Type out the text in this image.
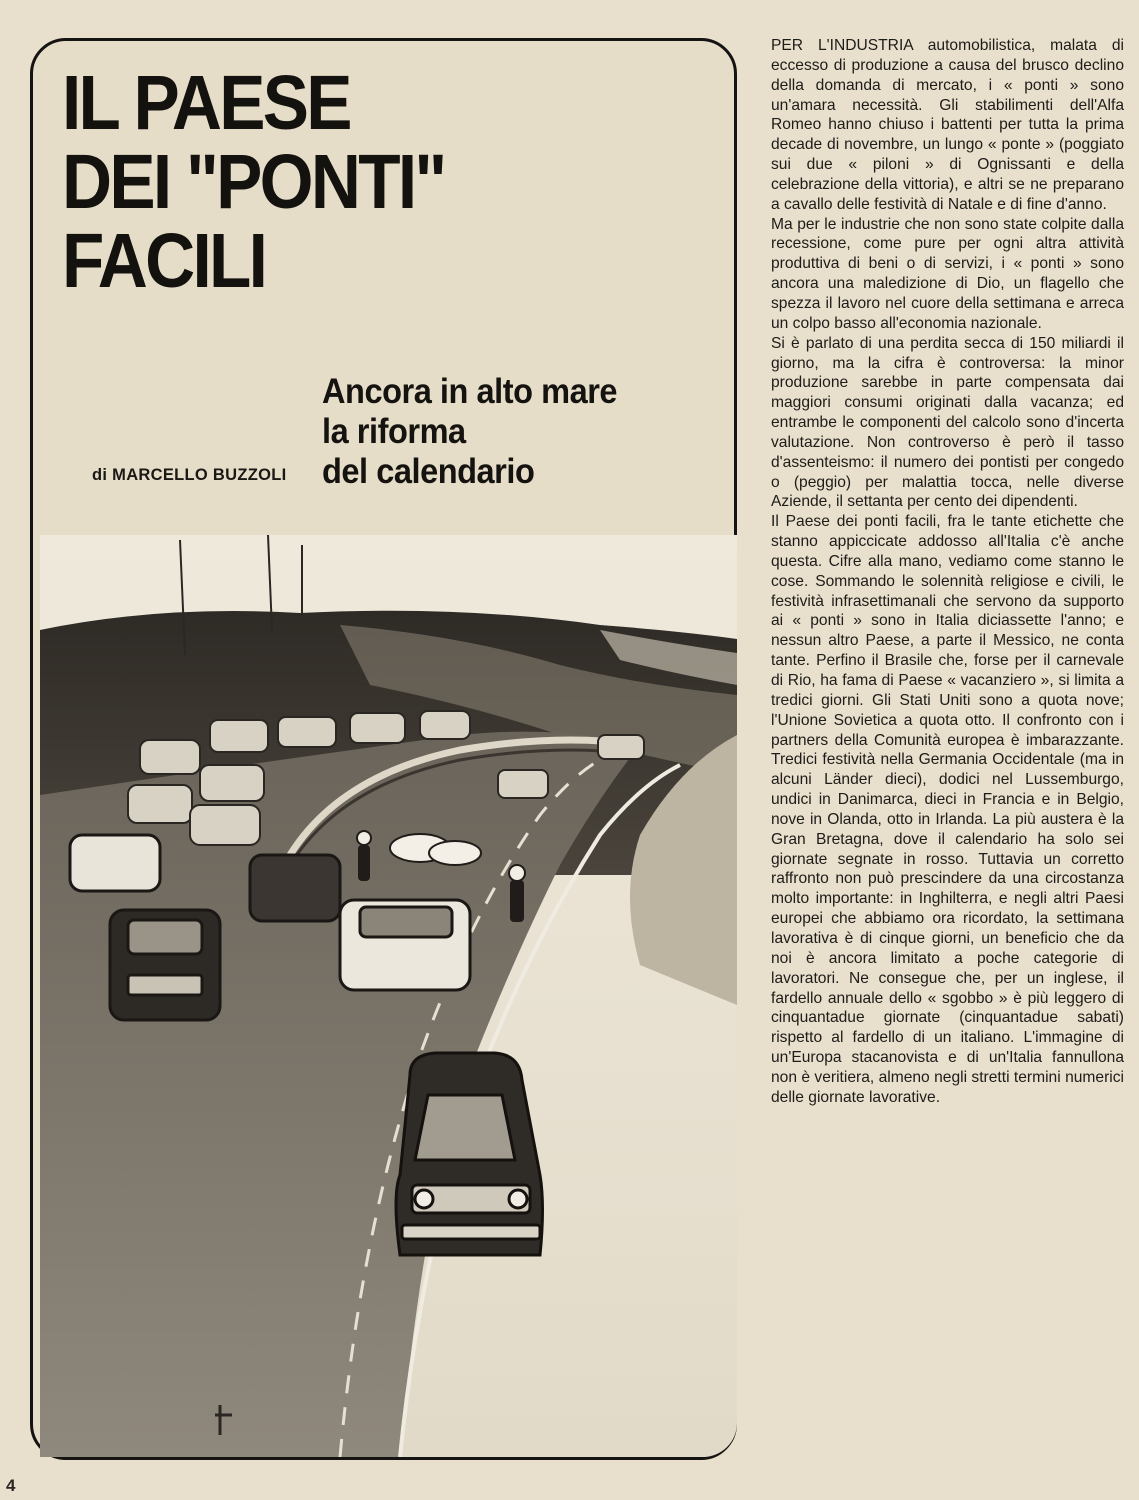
IL PAESE
DEI "PONTI"
FACILI
Ancora in alto mare
la riforma
del calendario
di MARCELLO BUZZOLI

PER L'INDUSTRIA automobilistica, malata di eccesso di produzione a causa del brusco declino della domanda di mercato, i « ponti » sono un'amara necessità. Gli stabilimenti dell'Alfa Romeo hanno chiuso i battenti per tutta la prima decade di novembre, un lungo « ponte » (poggiato sui due « piloni » di Ognissanti e della celebrazione della vittoria), e altri se ne preparano a cavallo delle festività di Natale e di fine d'anno.

Ma per le industrie che non sono state colpite dalla recessione, come pure per ogni altra attività produttiva di beni o di servizi, i « ponti » sono ancora una maledizione di Dio, un flagello che spezza il lavoro nel cuore della settimana e arreca un colpo basso all'economia nazionale.

Si è parlato di una perdita secca di 150 miliardi il giorno, ma la cifra è controversa: la minor produzione sarebbe in parte compensata dai maggiori consumi originati dalla vacanza; ed entrambe le componenti del calcolo sono d'incerta valutazione. Non controverso è però il tasso d'assenteismo: il numero dei pontisti per congedo o (peggio) per malattia tocca, nelle diverse Aziende, il settanta per cento dei dipendenti.

Il Paese dei ponti facili, fra le tante etichette che stanno appiccicate addosso all'Italia c'è anche questa. Cifre alla mano, vediamo come stanno le cose. Sommando le solennità religiose e civili, le festività infrasettimanali che servono da supporto ai « ponti » sono in Italia diciassette l'anno; e nessun altro Paese, a parte il Messico, ne conta tante. Perfino il Brasile che, forse per il carnevale di Rio, ha fama di Paese « vacanziero », si limita a tredici giorni. Gli Stati Uniti sono a quota nove; l'Unione Sovietica a quota otto. Il confronto con i partners della Comunità europea è imbarazzante. Tredici festività nella Germania Occidentale (ma in alcuni Länder dieci), dodici nel Lussemburgo, undici in Danimarca, dieci in Francia e in Belgio, nove in Olanda, otto in Irlanda. La più austera è la Gran Bretagna, dove il calendario ha solo sei giornate segnate in rosso. Tuttavia un corretto raffronto non può prescindere da una circostanza molto importante: in Inghilterra, e negli altri Paesi europei che abbiamo ora ricordato, la settimana lavorativa è di cinque giorni, un beneficio che da noi è ancora limitato a poche categorie di lavoratori. Ne consegue che, per un inglese, il fardello annuale dello « sgobbo » è più leggero di cinquantadue giornate (cinquantadue sabati) rispetto al fardello di un italiano. L'immagine di un'Europa stacanovista e di un'Italia fannullona non è veritiera, almeno negli stretti termini numerici delle giornate lavorative.

4
